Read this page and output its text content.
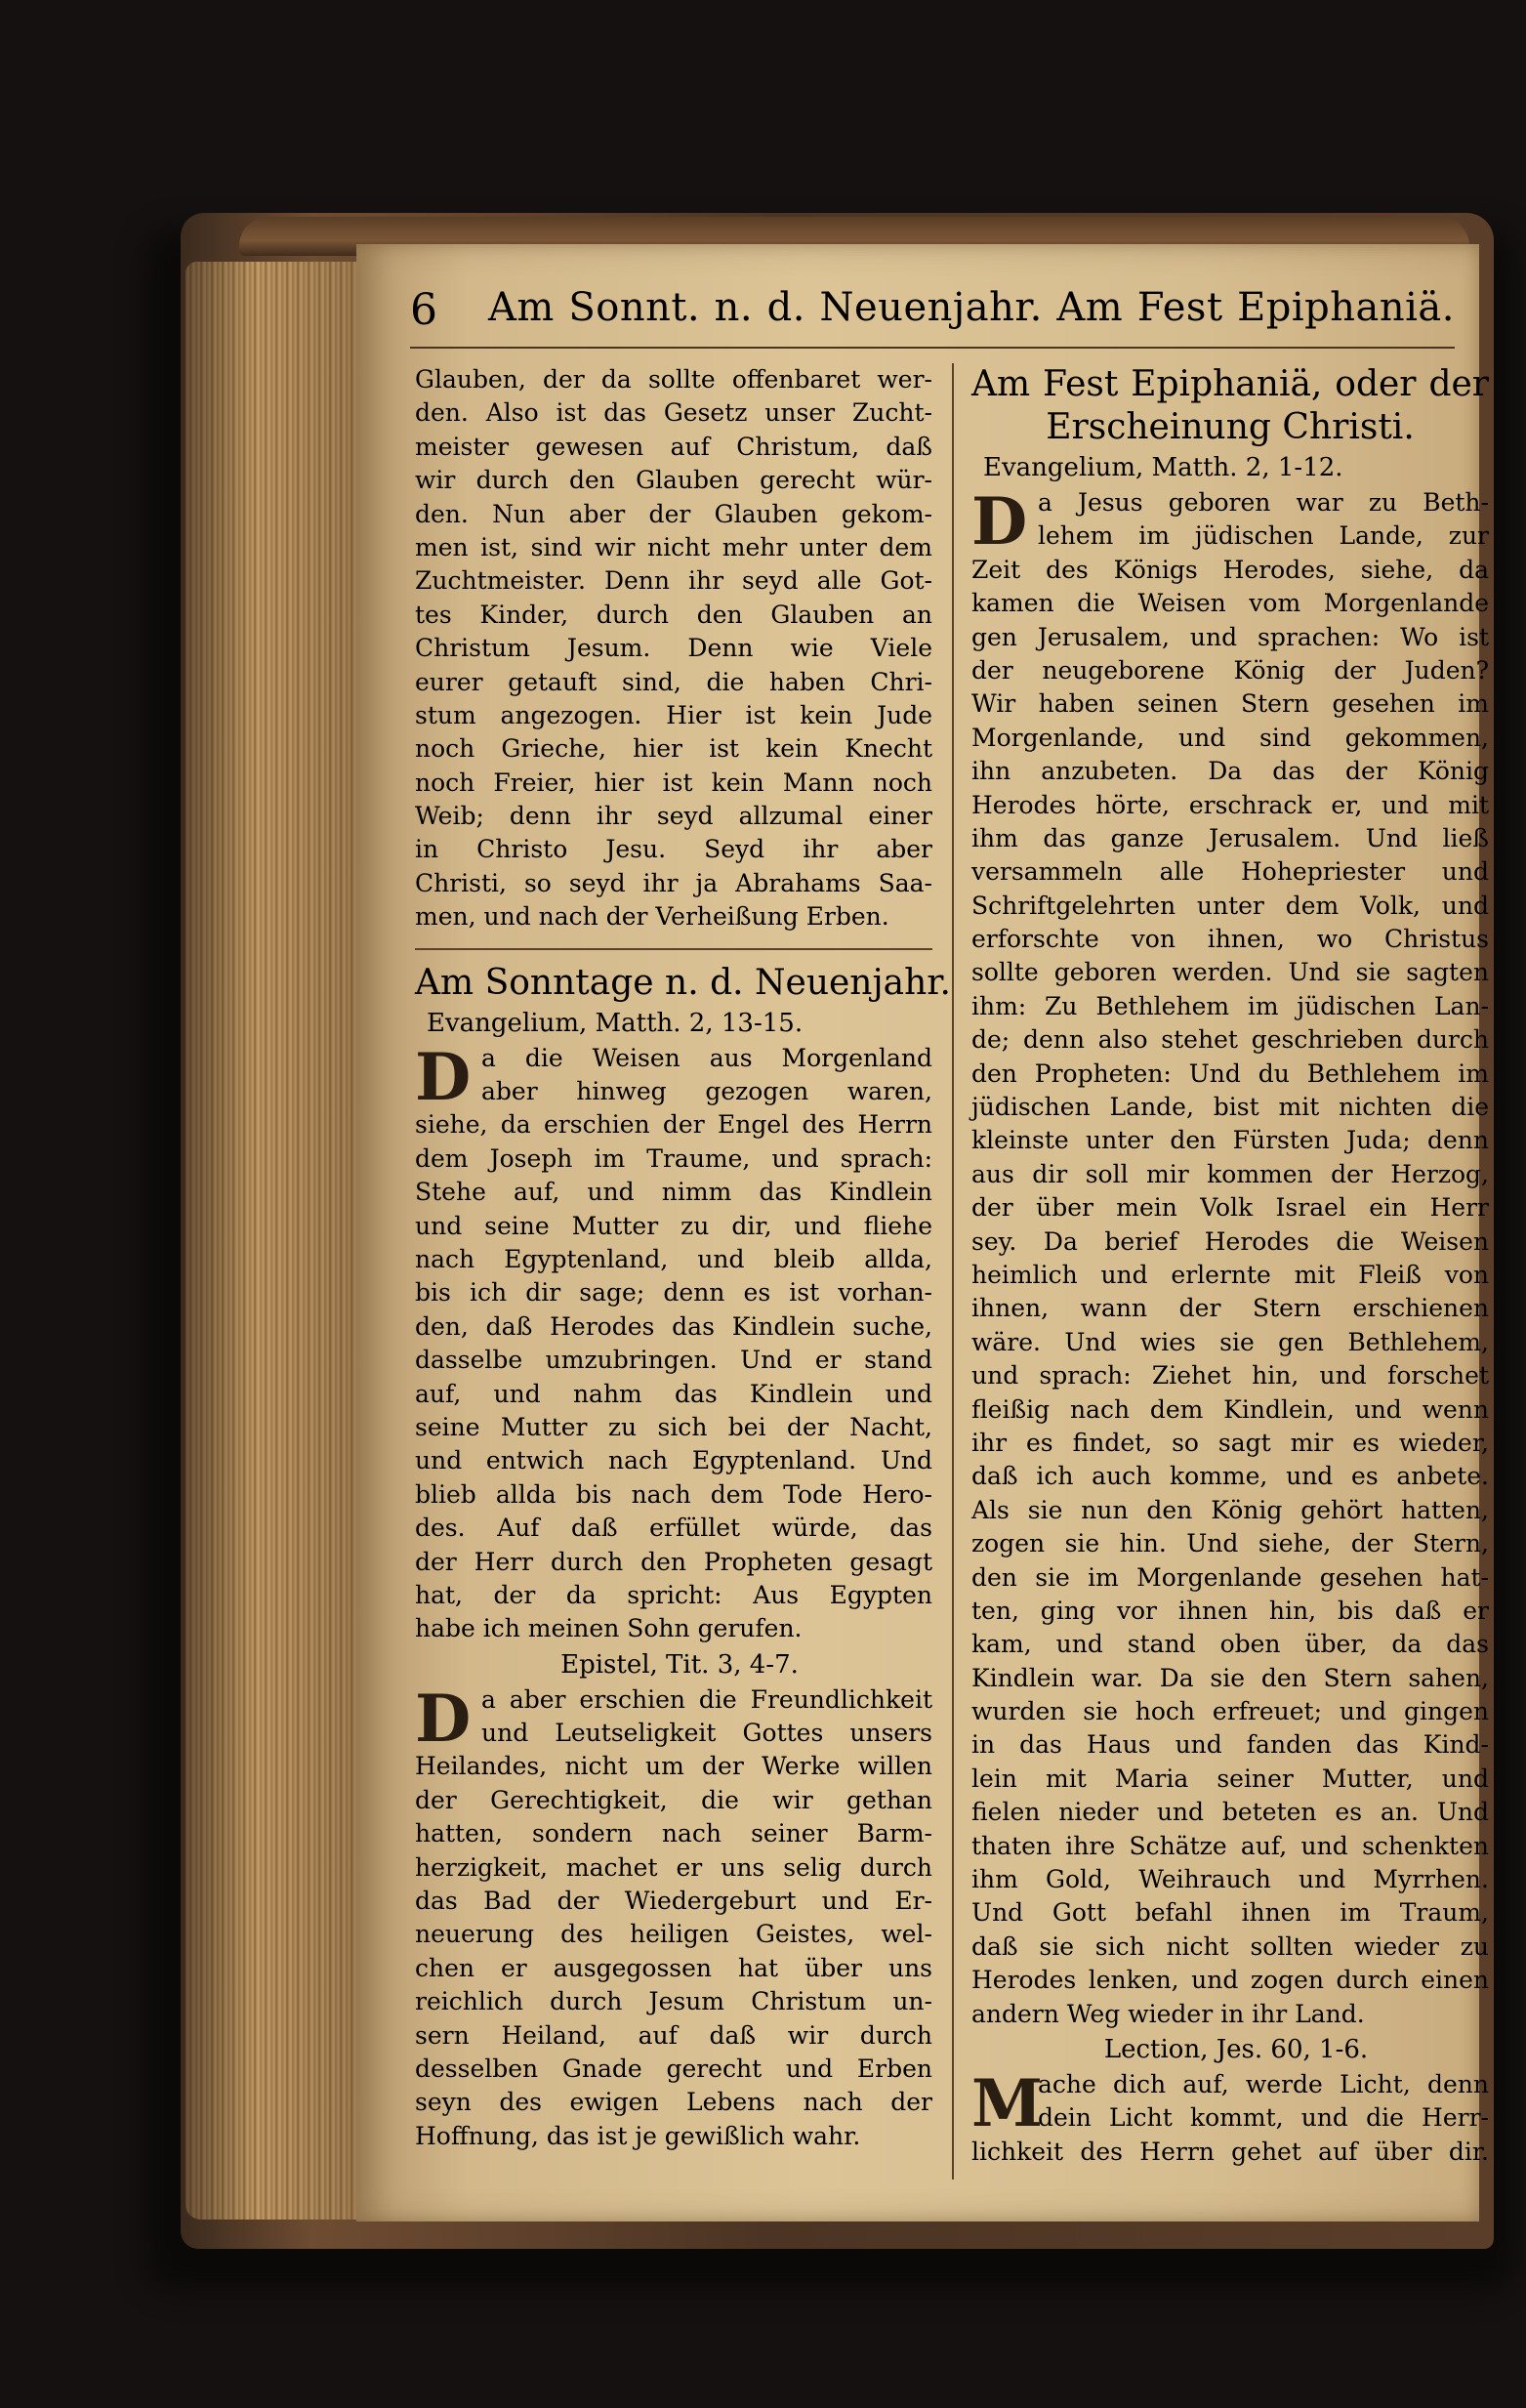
6 Am Sonnt. n. d. Neuenjahr. Am Fest Epiphaniä.
Glauben, der da sollte offenbaret wer-
den. Also ist das Gesetz unser Zucht-
meister gewesen auf Christum, daß
wir durch den Glauben gerecht wür-
den. Nun aber der Glauben gekom-
men ist, sind wir nicht mehr unter dem
Zuchtmeister. Denn ihr seyd alle Got-
tes Kinder, durch den Glauben an
Christum Jesum. Denn wie Viele
eurer getauft sind, die haben Chri-
stum angezogen. Hier ist kein Jude
noch Grieche, hier ist kein Knecht
noch Freier, hier ist kein Mann noch
Weib; denn ihr seyd allzumal einer
in Christo Jesu. Seyd ihr aber
Christi, so seyd ihr ja Abrahams Saa-
men, und nach der Verheißung Erben.
Am Sonntage n. d. Neuenjahr.
Evangelium, Matth. 2, 13-15.
D a die Weisen aus Morgenland
aber hinweg gezogen waren,
siehe, da erschien der Engel des Herrn
dem Joseph im Traume, und sprach:
Stehe auf, und nimm das Kindlein
und seine Mutter zu dir, und fliehe
nach Egyptenland, und bleib allda,
bis ich dir sage; denn es ist vorhan-
den, daß Herodes das Kindlein suche,
dasselbe umzubringen. Und er stand
auf, und nahm das Kindlein und
seine Mutter zu sich bei der Nacht,
und entwich nach Egyptenland. Und
blieb allda bis nach dem Tode Hero-
des. Auf daß erfüllet würde, das
der Herr durch den Propheten gesagt
hat, der da spricht: Aus Egypten
habe ich meinen Sohn gerufen.
Epistel, Tit. 3, 4-7.
D a aber erschien die Freundlichkeit
und Leutseligkeit Gottes unsers
Heilandes, nicht um der Werke willen
der Gerechtigkeit, die wir gethan
hatten, sondern nach seiner Barm-
herzigkeit, machet er uns selig durch
das Bad der Wiedergeburt und Er-
neuerung des heiligen Geistes, wel-
chen er ausgegossen hat über uns
reichlich durch Jesum Christum un-
sern Heiland, auf daß wir durch
desselben Gnade gerecht und Erben
seyn des ewigen Lebens nach der
Hoffnung, das ist je gewißlich wahr.
Am Fest Epiphaniä, oder der
Erscheinung Christi.
Evangelium, Matth. 2, 1-12.
D a Jesus geboren war zu Beth-
lehem im jüdischen Lande, zur
Zeit des Königs Herodes, siehe, da
kamen die Weisen vom Morgenlande
gen Jerusalem, und sprachen: Wo ist
der neugeborene König der Juden?
Wir haben seinen Stern gesehen im
Morgenlande, und sind gekommen,
ihn anzubeten. Da das der König
Herodes hörte, erschrack er, und mit
ihm das ganze Jerusalem. Und ließ
versammeln alle Hohepriester und
Schriftgelehrten unter dem Volk, und
erforschte von ihnen, wo Christus
sollte geboren werden. Und sie sagten
ihm: Zu Bethlehem im jüdischen Lan-
de; denn also stehet geschrieben durch
den Propheten: Und du Bethlehem im
jüdischen Lande, bist mit nichten die
kleinste unter den Fürsten Juda; denn
aus dir soll mir kommen der Herzog,
der über mein Volk Israel ein Herr
sey. Da berief Herodes die Weisen
heimlich und erlernte mit Fleiß von
ihnen, wann der Stern erschienen
wäre. Und wies sie gen Bethlehem,
und sprach: Ziehet hin, und forschet
fleißig nach dem Kindlein, und wenn
ihr es findet, so sagt mir es wieder,
daß ich auch komme, und es anbete.
Als sie nun den König gehört hatten,
zogen sie hin. Und siehe, der Stern,
den sie im Morgenlande gesehen hat-
ten, ging vor ihnen hin, bis daß er
kam, und stand oben über, da das
Kindlein war. Da sie den Stern sahen,
wurden sie hoch erfreuet; und gingen
in das Haus und fanden das Kind-
lein mit Maria seiner Mutter, und
fielen nieder und beteten es an. Und
thaten ihre Schätze auf, und schenkten
ihm Gold, Weihrauch und Myrrhen.
Und Gott befahl ihnen im Traum,
daß sie sich nicht sollten wieder zu
Herodes lenken, und zogen durch einen
andern Weg wieder in ihr Land.
Lection, Jes. 60, 1-6.
M
ache dich auf, werde Licht, denn
dein Licht kommt, und die Herr-
lichkeit des Herrn gehet auf über dir.
